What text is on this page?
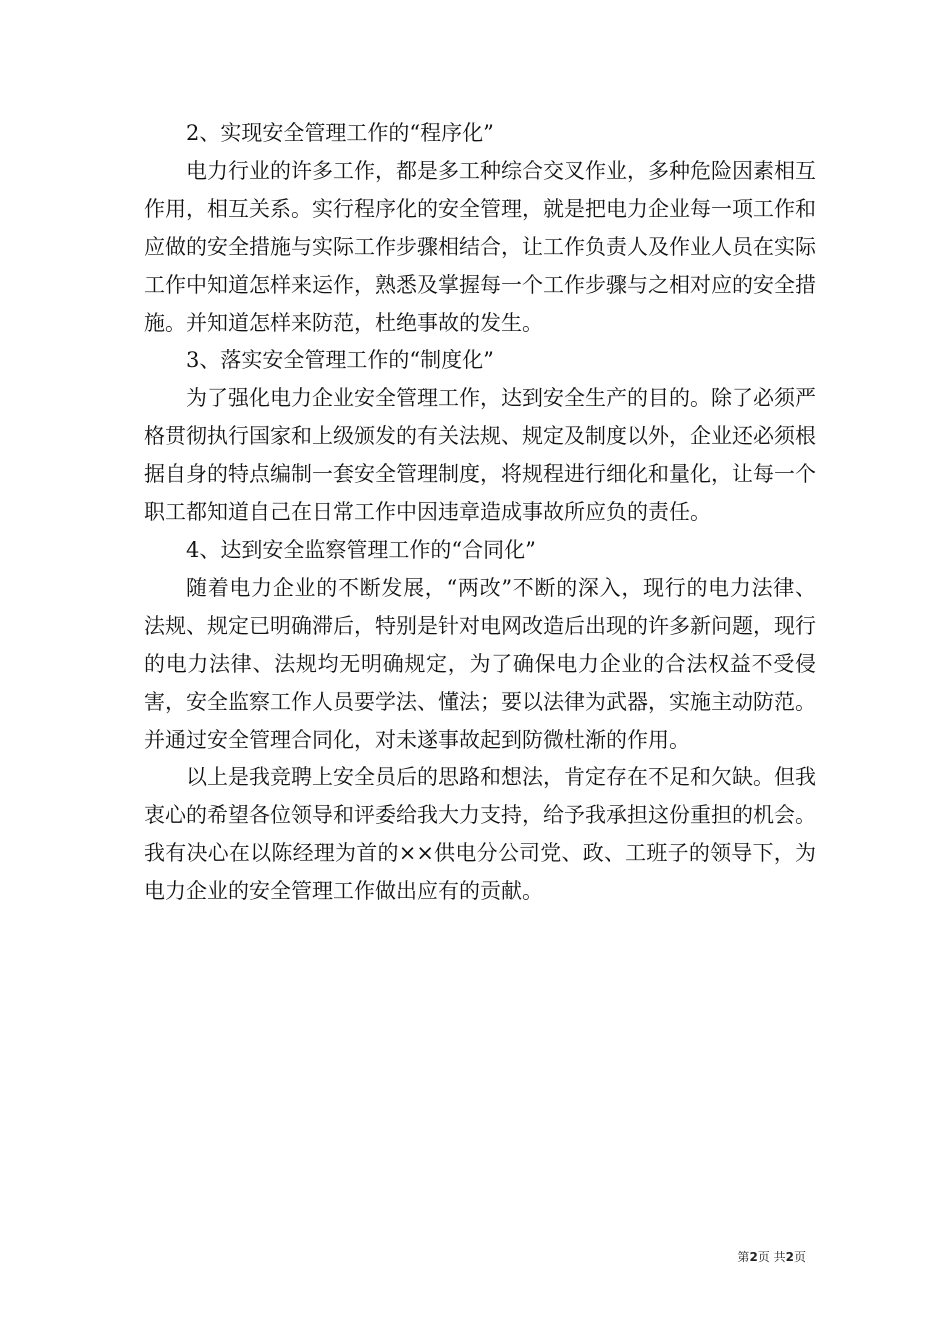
2、实现安全管理工作的“程序化”

电力行业的许多工作，都是多工种综合交叉作业，多种危险因素相互作用，相互关系。实行程序化的安全管理，就是把电力企业每一项工作和应做的安全措施与实际工作步骤相结合，让工作负责人及作业人员在实际工作中知道怎样来运作，熟悉及掌握每一个工作步骤与之相对应的安全措施。并知道怎样来防范，杜绝事故的发生。

3、落实安全管理工作的“制度化”

为了强化电力企业安全管理工作，达到安全生产的目的。除了必须严格贯彻执行国家和上级颁发的有关法规、规定及制度以外，企业还必须根据自身的特点编制一套安全管理制度，将规程进行细化和量化，让每一个职工都知道自己在日常工作中因违章造成事故所应负的责任。

4、达到安全监察管理工作的“合同化”

随着电力企业的不断发展，“两改”不断的深入，现行的电力法律、法规、规定已明确滞后，特别是针对电网改造后出现的许多新问题，现行的电力法律、法规均无明确规定，为了确保电力企业的合法权益不受侵害，安全监察工作人员要学法、懂法；要以法律为武器，实施主动防范。并通过安全管理合同化，对未遂事故起到防微杜渐的作用。

以上是我竞聘上安全员后的思路和想法，肯定存在不足和欠缺。但我衷心的希望各位领导和评委给我大力支持，给予我承担这份重担的机会。我有决心在以陈经理为首的××供电分公司党、政、工班子的领导下，为电力企业的安全管理工作做出应有的贡献。

第2页 共2页
